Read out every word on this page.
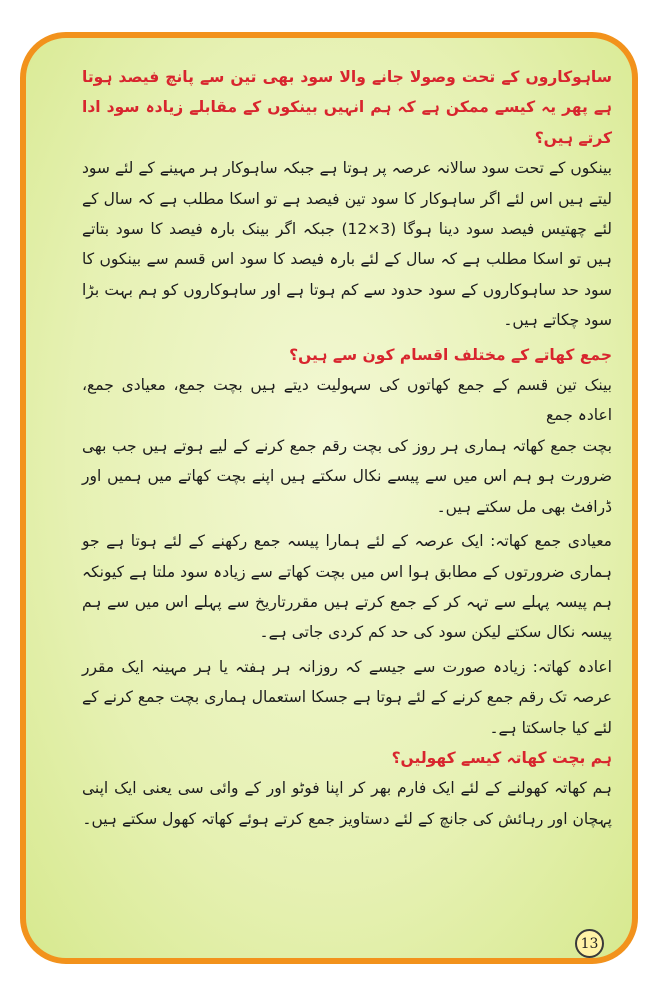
ساہوکاروں کے تحت وصولا جانے والا سود بھی تین سے پانچ فیصد ہوتا ہے پھر یہ کیسے ممکن ہے کہ ہم انہیں بینکوں کے مقابلے زیادہ سود ادا کرتے ہیں؟

بینکوں کے تحت سود سالانہ عرصہ پر ہوتا ہے جبکہ ساہوکار ہر مہینے کے لئے سود لیتے ہیں اس لئے اگر ساہوکار کا سود تین فیصد ہے تو اسکا مطلب ہے کہ سال کے لئے چھتیس فیصد سود دینا ہوگا (3×12) جبکہ اگر بینک بارہ فیصد کا سود بتاتے ہیں تو اسکا مطلب ہے کہ سال کے لئے بارہ فیصد کا سود اس قسم سے بینکوں کا سود حد ساہوکاروں کے سود حدود سے کم ہوتا ہے اور ساہوکاروں کو ہم بہت بڑا سود چکاتے ہیں۔

جمع کھاتے کے مختلف اقسام کون سے ہیں؟

بینک تین قسم کے جمع کھاتوں کی سہولیت دیتے ہیں بچت جمع، معیادی جمع، اعادہ جمع

بچت جمع کھاتہ ہماری ہر روز کی بچت رقم جمع کرنے کے لیے ہوتے ہیں جب بھی ضرورت ہو ہم اس میں سے پیسے نکال سکتے ہیں اپنے بچت کھاتے میں ہمیں اور ڈرافٹ بھی مل سکتے ہیں۔

معیادی جمع کھاتہ: ایک عرصہ کے لئے ہمارا پیسہ جمع رکھنے کے لئے ہوتا ہے جو ہماری ضرورتوں کے مطابق ہوا اس میں بچت کھاتے سے زیادہ سود ملتا ہے کیونکہ ہم پیسہ پہلے سے تہہ کر کے جمع کرتے ہیں مقررتاریخ سے پہلے اس میں سے ہم پیسہ نکال سکتے لیکن سود کی حد کم کردی جاتی ہے۔

اعادہ کھاتہ: زیادہ صورت سے جیسے کہ روزانہ ہر ہفتہ یا ہر مہینہ ایک مقرر عرصہ تک رقم جمع کرنے کے لئے ہوتا ہے جسکا استعمال ہماری بچت جمع کرنے کے لئے کیا جاسکتا ہے۔

ہم بچت کھاتہ کیسے کھولیں؟

ہم کھاتہ کھولنے کے لئے ایک فارم بھر کر اپنا فوٹو اور کے وائی سی یعنی ایک اپنی پہچان اور رہائش کی جانچ کے لئے دستاویز جمع کرتے ہوئے کھاتہ کھول سکتے ہیں۔

13
